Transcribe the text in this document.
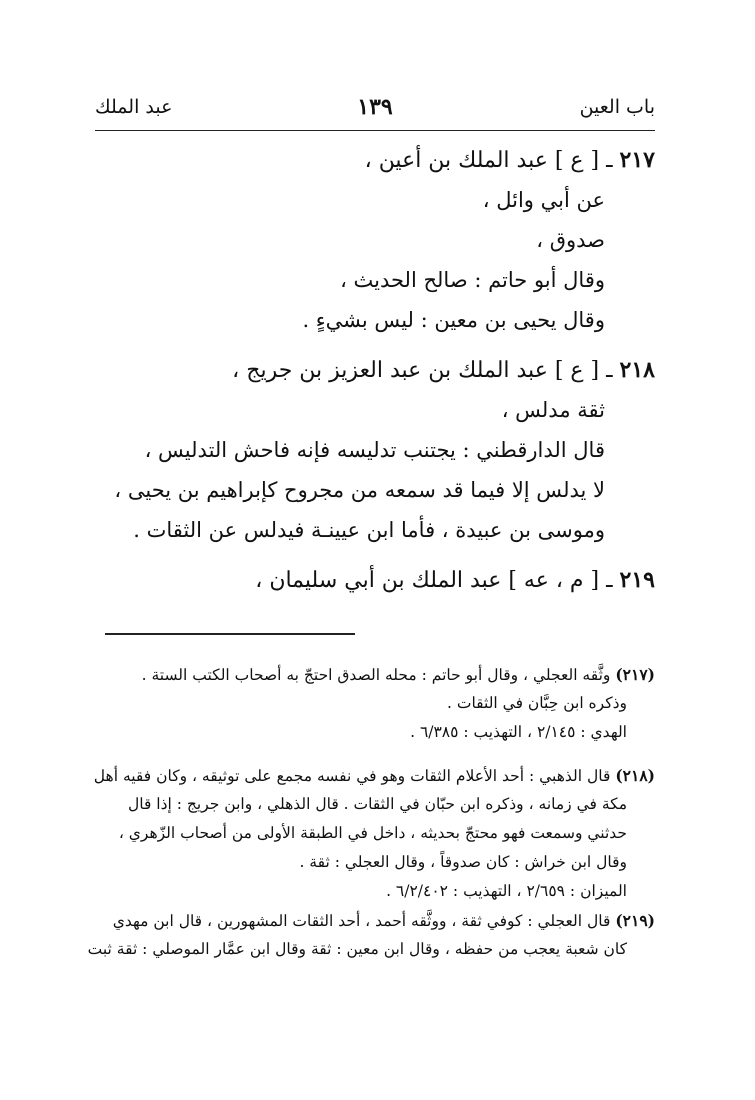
باب العين
١٣٩
عبد الملك
٢١٧ ـ [ ع ] عبد الملك بن أعين ،
عن أبي وائل ،
صدوق ،
وقال أبو حاتم : صالح الحديث ،
وقال يحيى بن معين : ليس بشيءٍ .
٢١٨ ـ [ ع ] عبد الملك بن عبد العزيز بن جريج ،
ثقة مدلس ،
قال الدارقطني : يجتنب تدليسه فإنه فاحش التدليس ،
لا يدلس إلا فيما قد سمعه من مجروح كإبراهيم بن يحيى ،
وموسى بن عبيدة ، فأما ابن عيينـة فيدلس عن الثقات .
٢١٩ ـ [ م ، عه ] عبد الملك بن أبي سليمان ،
(٢١٧) وثَّقه العجلي ، وقال أبو حاتم : محله الصدق احتجّ به أصحاب الكتب الستة .
وذكره ابن حِبَّان في الثقات .
الهدي : ٢/١٤٥ ، التهذيب : ٦/٣٨٥ .
(٢١٨) قال الذهبي : أحد الأعلام الثقات وهو في نفسه مجمع على توثيقه ، وكان فقيه أهل
مكة في زمانه ، وذكره ابن حبّان في الثقات . قال الذهلي ، وابن جريج : إذا قال
حدثني وسمعت فهو محتجّ بحديثه ، داخل في الطبقة الأولى من أصحاب الزّهري ،
وقال ابن خراش : كان صدوقاً ، وقال العجلي : ثقة .
الميزان : ٢/٦٥٩ ، التهذيب : ٦/٢/٤٠٢ .
(٢١٩) قال العجلي : كوفي ثقة ، ووثَّقه أحمد ، أحد الثقات المشهورين ، قال ابن مهدي
كان شعبة يعجب من حفظه ، وقال ابن معين : ثقة وقال ابن عمَّار الموصلي : ثقة ثبت
